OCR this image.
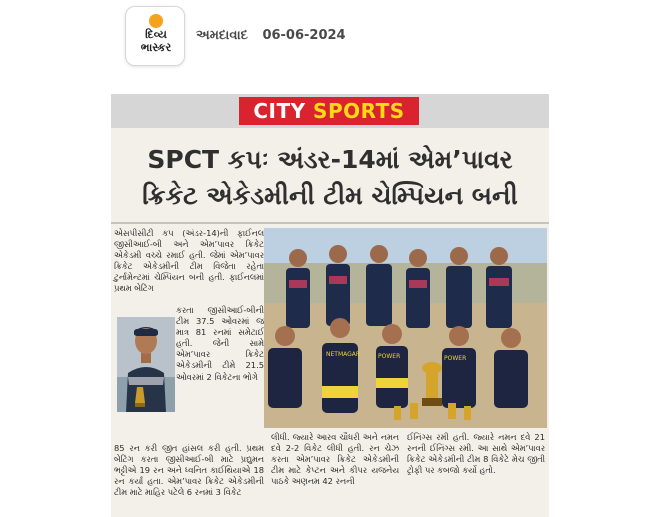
દિવ્ય
ભાસ્કર
અમદાવાદ 06-06-2024
CITY SPORTS
SPCT કપઃ અંડર-14માં એમ’પાવર
ક્રિકેટ એકેડમીની ટીમ ચેમ્પિયન બની
એસપીસીટી કપ (અંડર-14)ની ફાઈનલ જીસીઆઈ-બી અને એમ’પાવર ક્રિકેટ એકેડમી વચ્ચે રમાઈ હતી. જેમાં એમ’પાવર ક્રિકેટ એકેડમીની ટીમ વિજેતા રહેતા ટુર્નામેન્ટમાં ચેમ્પિયન બની હતી. ફાઈનલમાં પ્રથમ બેટિંગ
કરતા જીસીઆઈ-બીની ટીમ 37.5 ઓવરમાં જ માત્ર 81 રનમાં સમેટાઈ હતી. જેની સામે એમ’પાવર ક્રિકેટ એકેડમીની ટીમે 21.5 ઓવરમાં 2 વિકેટના ભોગે
NETMAGAR	POWER	POWER
85 રન કરી જીત હાંસલ કરી હતી. પ્રથમ બેટિંગ કરતા જીસીઆઈ-બી માટે પ્રદ્યુમન ભટ્ટીએ 19 રન અને ધ્વનિત કાઈથિયાએ 18 રન કર્યા હતા. એમ’પાવર ક્રિકેટ એકેડમીની ટીમ માટે માહિર પટેલે 6 રનમાં 3 વિકેટ
લીધી. જ્યારે આરવ ચૌધરી અને નમન દવે 2-2 વિકેટ લીધી હતી. રન ચેઝ કરતા એમ’પાવર ક્રિકેટ એકેડમીની ટીમ માટે કેપ્ટન અને કીપર યજનેય પાઠકે અણનમ 42 રનની
ઈનિંગ્સ રમી હતી. જ્યારે નમન દવે 21 રનની ઈનિંગ્સ રમી. આ સાથે એમ’પાવર ક્રિકેટ એકેડમીની ટીમ 8 વિકેટે મેચ જીતી ટ્રોફી પર કબજો કર્યો હતો.
